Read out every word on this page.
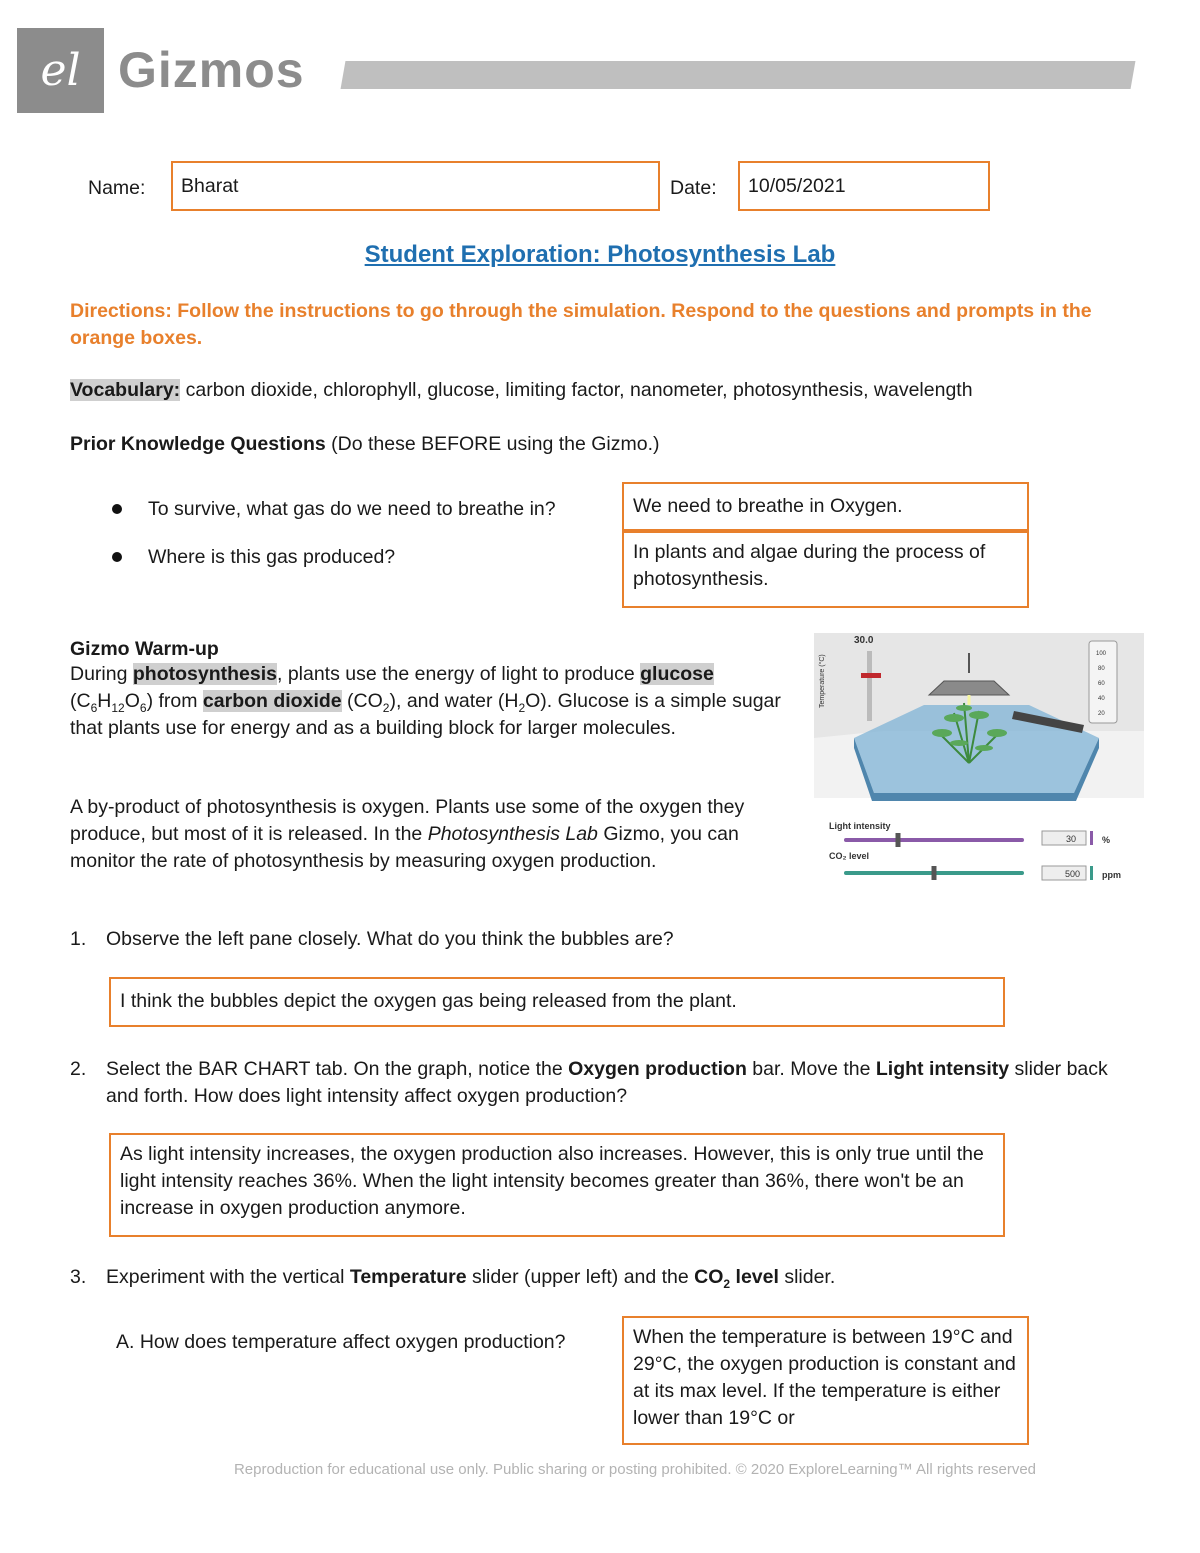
el Gizmos
Name:	Bharat	Date:	10/05/2021
Student Exploration: Photosynthesis Lab
Directions: Follow the instructions to go through the simulation. Respond to the questions and prompts in the orange boxes.
Vocabulary: carbon dioxide, chlorophyll, glucose, limiting factor, nanometer, photosynthesis, wavelength
Prior Knowledge Questions (Do these BEFORE using the Gizmo.)
To survive, what gas do we need to breathe in?	We need to breathe in Oxygen.
Where is this gas produced?	In plants and algae during the process of photosynthesis.
Gizmo Warm-up
During photosynthesis, plants use the energy of light to produce glucose
$(C_6H_{12}O_6)$ from carbon dioxide $(CO_2)$, and water $(H_2O)$. Glucose is a simple sugar that plants use for energy and as a building block for larger molecules.
A by-product of photosynthesis is oxygen. Plants use some of the oxygen they produce, but most of it is released. In the Photosynthesis Lab Gizmo, you can monitor the rate of photosynthesis by measuring oxygen production.
30.0
Temperature (°C)
100
80
60
40
20
Light intensity
30	%
CO₂ level
500 ppm
1. Observe the left pane closely. What do you think the bubbles are?
I think the bubbles depict the oxygen gas being released from the plant.
2. Select the BAR CHART tab. On the graph, notice the Oxygen production bar. Move the Light intensity slider back and forth. How does light intensity affect oxygen production?
As light intensity increases, the oxygen production also increases. However, this is only true until the light intensity reaches 36%. When the light intensity becomes greater than 36%, there won't be an increase in oxygen production anymore.
3. Experiment with the vertical Temperature slider (upper left) and the $CO_2$ level slider.
A. How does temperature affect oxygen production?	When the temperature is between 19°C and 29°C, the oxygen production is constant and at its max level. If the temperature is either lower than 19°C or
Reproduction for educational use only. Public sharing or posting prohibited. © 2020 ExploreLearning™ All rights reserved
